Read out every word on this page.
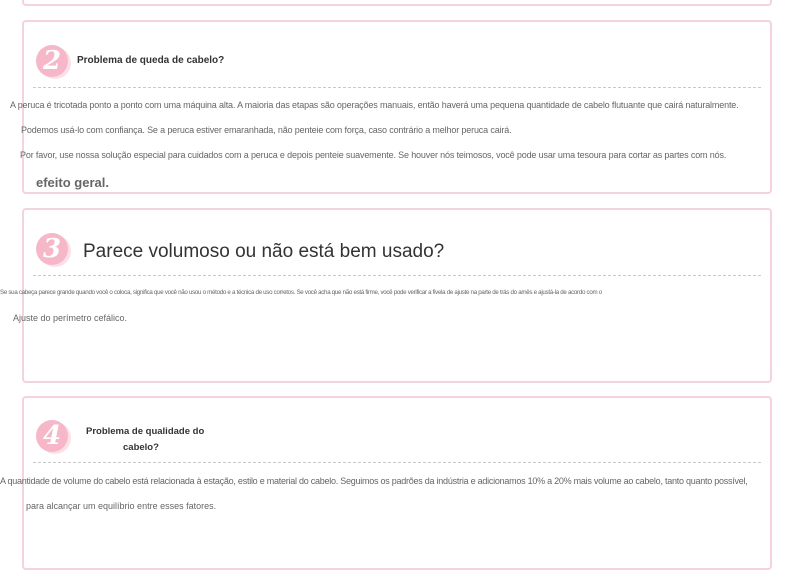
2	Problema de queda de cabelo?
A peruca é tricotada ponto a ponto com uma máquina alta. A maioria das etapas são operações manuais, então haverá uma pequena quantidade de cabelo flutuante que cairá naturalmente.
Podemos usá-lo com confiança. Se a peruca estiver emaranhada, não penteie com força, caso contrário a melhor peruca cairá.
Por favor, use nossa solução especial para cuidados com a peruca e depois penteie suavemente. Se houver nós teimosos, você pode usar uma tesoura para cortar as partes com nós.
efeito geral.
3	Parece volumoso ou não está bem usado?
Se sua cabeça parece grande quando você o coloca, significa que você não usou o método e a técnica de uso corretos. Se você acha que não está firme, você pode verificar a fivela de ajuste na parte de trás do arnês e ajustá-la de acordo com o
Ajuste do perímetro cefálico.
4	Problema de qualidade do
cabelo?
A quantidade de volume do cabelo está relacionada à estação, estilo e material do cabelo. Seguimos os padrões da indústria e adicionamos 10% a 20% mais volume ao cabelo, tanto quanto possível,
para alcançar um equilíbrio entre esses fatores.
